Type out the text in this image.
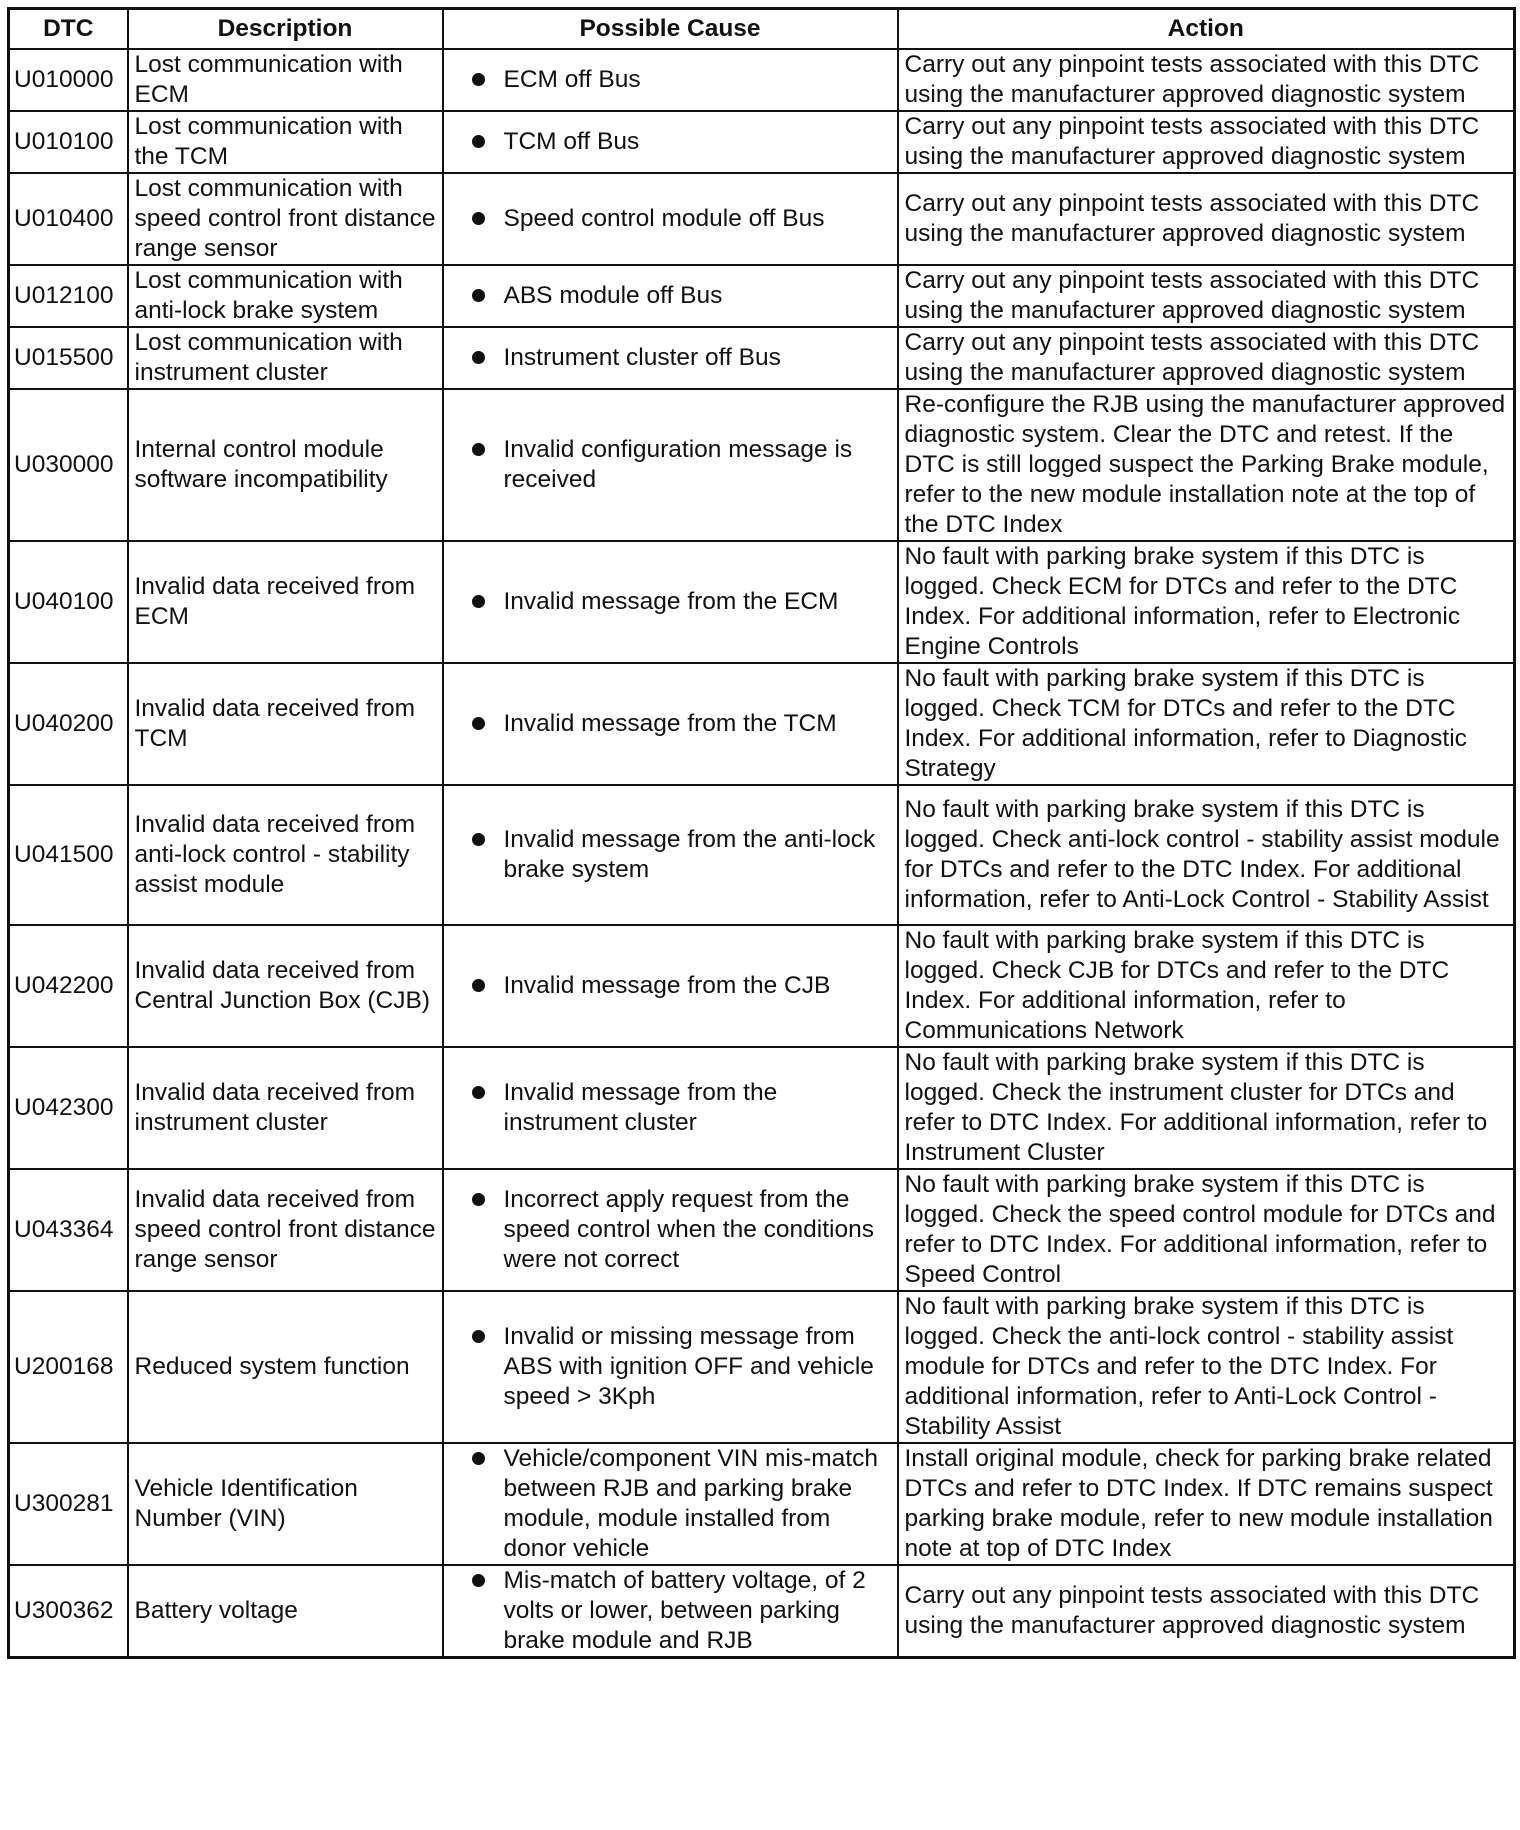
DTC	Description	Possible Cause	Action
U010000	Lost communication with ECM	ECM off Bus	Carry out any pinpoint tests associated with this DTC using the manufacturer approved diagnostic system
U010100	Lost communication with the TCM	TCM off Bus	Carry out any pinpoint tests associated with this DTC using the manufacturer approved diagnostic system
U010400	Lost communication with speed control front distance range sensor	Speed control module off Bus	Carry out any pinpoint tests associated with this DTC using the manufacturer approved diagnostic system
U012100	Lost communication with anti-lock brake system	ABS module off Bus	Carry out any pinpoint tests associated with this DTC using the manufacturer approved diagnostic system
U015500	Lost communication with instrument cluster	Instrument cluster off Bus	Carry out any pinpoint tests associated with this DTC using the manufacturer approved diagnostic system
U030000	Internal control module software incompatibility	Invalid configuration message is received	Re-configure the RJB using the manufacturer approved diagnostic system. Clear the DTC and retest. If the DTC is still logged suspect the Parking Brake module, refer to the new module installation note at the top of the DTC Index
U040100	Invalid data received from ECM	Invalid message from the ECM	No fault with parking brake system if this DTC is logged. Check ECM for DTCs and refer to the DTC Index. For additional information, refer to Electronic Engine Controls
U040200	Invalid data received from TCM	Invalid message from the TCM	No fault with parking brake system if this DTC is logged. Check TCM for DTCs and refer to the DTC Index. For additional information, refer to Diagnostic Strategy
U041500	Invalid data received from anti-lock control - stability assist module	Invalid message from the anti-lock brake system	No fault with parking brake system if this DTC is logged. Check anti-lock control - stability assist module for DTCs and refer to the DTC Index. For additional information, refer to Anti-Lock Control - Stability Assist
U042200	Invalid data received from Central Junction Box (CJB)	Invalid message from the CJB	No fault with parking brake system if this DTC is logged. Check CJB for DTCs and refer to the DTC Index. For additional information, refer to Communications Network
U042300	Invalid data received from instrument cluster	Invalid message from the instrument cluster	No fault with parking brake system if this DTC is logged. Check the instrument cluster for DTCs and refer to DTC Index. For additional information, refer to Instrument Cluster
U043364	Invalid data received from speed control front distance range sensor	Incorrect apply request from the speed control when the conditions were not correct	No fault with parking brake system if this DTC is logged. Check the speed control module for DTCs and refer to DTC Index. For additional information, refer to Speed Control
U200168	Reduced system function	Invalid or missing message from ABS with ignition OFF and vehicle speed > 3Kph	No fault with parking brake system if this DTC is logged. Check the anti-lock control - stability assist module for DTCs and refer to the DTC Index. For additional information, refer to Anti-Lock Control - Stability Assist
U300281	Vehicle Identification Number (VIN)	Vehicle/component VIN mis-match between RJB and parking brake module, module installed from donor vehicle	Install original module, check for parking brake related DTCs and refer to DTC Index. If DTC remains suspect parking brake module, refer to new module installation note at top of DTC Index
U300362	Battery voltage	Mis-match of battery voltage, of 2 volts or lower, between parking brake module and RJB	Carry out any pinpoint tests associated with this DTC using the manufacturer approved diagnostic system
